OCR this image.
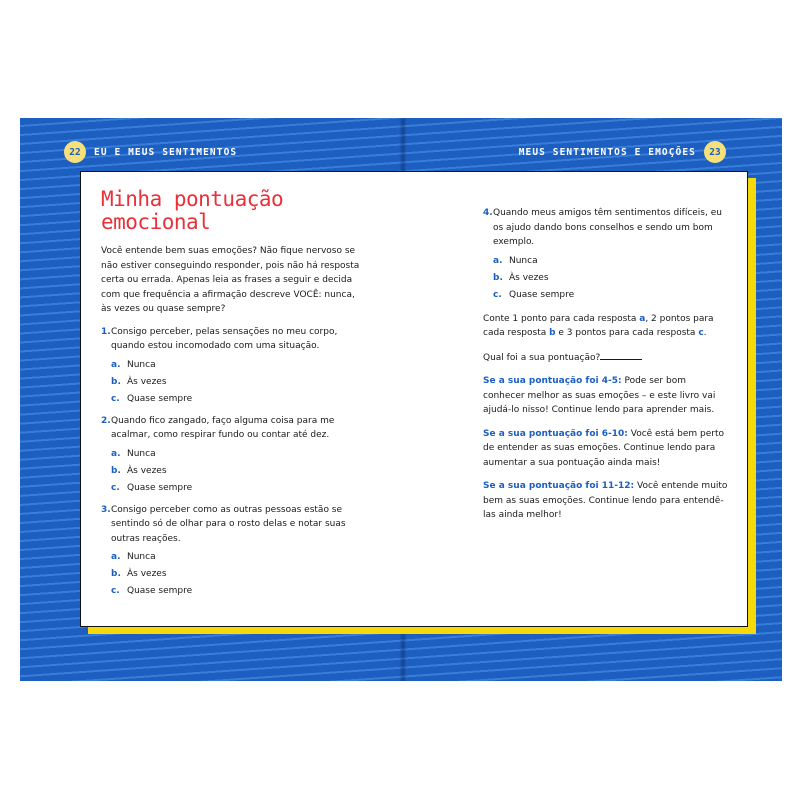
22	EU E MEUS SENTIMENTOS	MEUS SENTIMENTOS E EMOÇÕES	23
Minha pontuação
emocional

Você entende bem suas emoções? Não fique nervoso se não estiver conseguindo responder, pois não há resposta certa ou errada. Apenas leia as frases a seguir e decida com que frequência a afirmação descreve VOCÊ: nunca, às vezes ou quase sempre?

1. Consigo perceber, pelas sensações no meu corpo, quando estou incomodado com uma situação.
a. Nunca
b. Às vezes
c. Quase sempre
2. Quando fico zangado, faço alguma coisa para me acalmar, como respirar fundo ou contar até dez.
a. Nunca
b. Às vezes
c. Quase sempre
3. Consigo perceber como as outras pessoas estão se sentindo só de olhar para o rosto delas e notar suas outras reações.
a. Nunca
b. Às vezes
c. Quase sempre
4. Quando meus amigos têm sentimentos difíceis, eu os ajudo dando bons conselhos e sendo um bom exemplo.
a. Nunca
b. Às vezes
c. Quase sempre

Conte 1 ponto para cada resposta a, 2 pontos para cada resposta b e 3 pontos para cada resposta c.

Qual foi a sua pontuação?

Se a sua pontuação foi 4-5: Pode ser bom conhecer melhor as suas emoções – e este livro vai ajudá-lo nisso! Continue lendo para aprender mais.

Se a sua pontuação foi 6-10: Você está bem perto de entender as suas emoções. Continue lendo para aumentar a sua pontuação ainda mais!

Se a sua pontuação foi 11-12: Você entende muito bem as suas emoções. Continue lendo para entendê-las ainda melhor!
